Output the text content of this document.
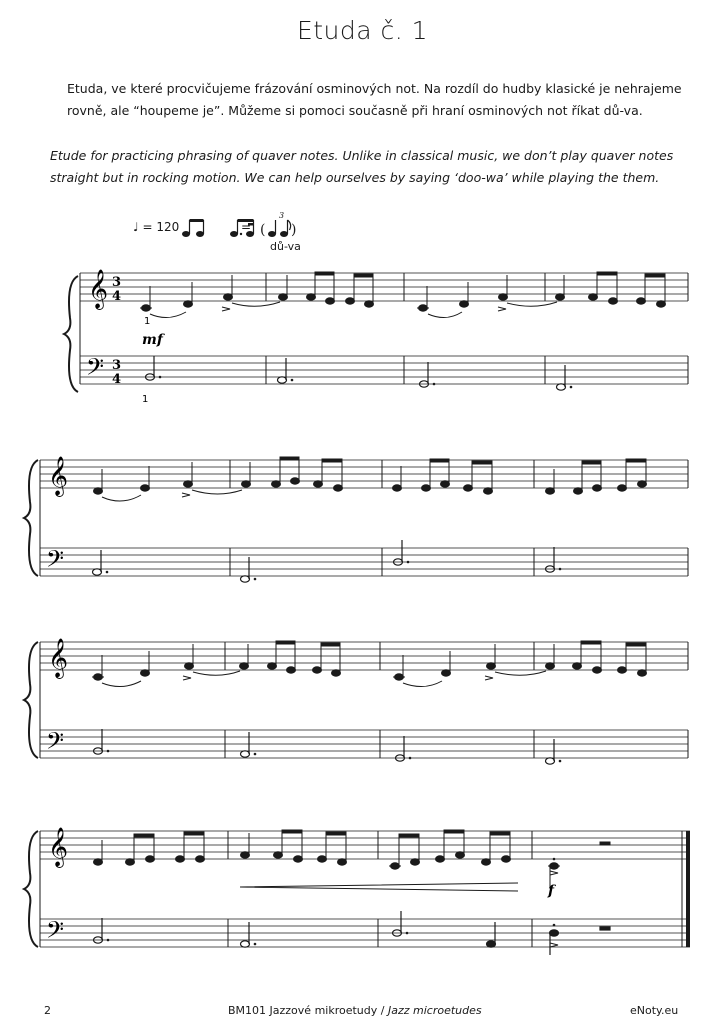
Etuda č. 1
Etuda, ve které procvičujeme frázování osminových not. Na rozdíl do hudby klasické je nehrajeme rovně, ale “houpeme je”. Můžeme si pomoci současně při hraní osminových not říkat dů-va.
Etude for practicing phrasing of quaver notes. Unlike in classical music, we don’t play quaver notes straight but in rocking motion. We can help ourselves by saying ‘doo-wa’ while playing the them.
♩ = 120	(
3
)
=
dů-va
𝄞
𝄢
3
4
3
4
1
mf
1
𝄞
𝄢
𝄞
𝄢
𝄞
𝄢
f
2	BM101 Jazzové mikroetudy / Jazz microetudes	eNoty.eu
